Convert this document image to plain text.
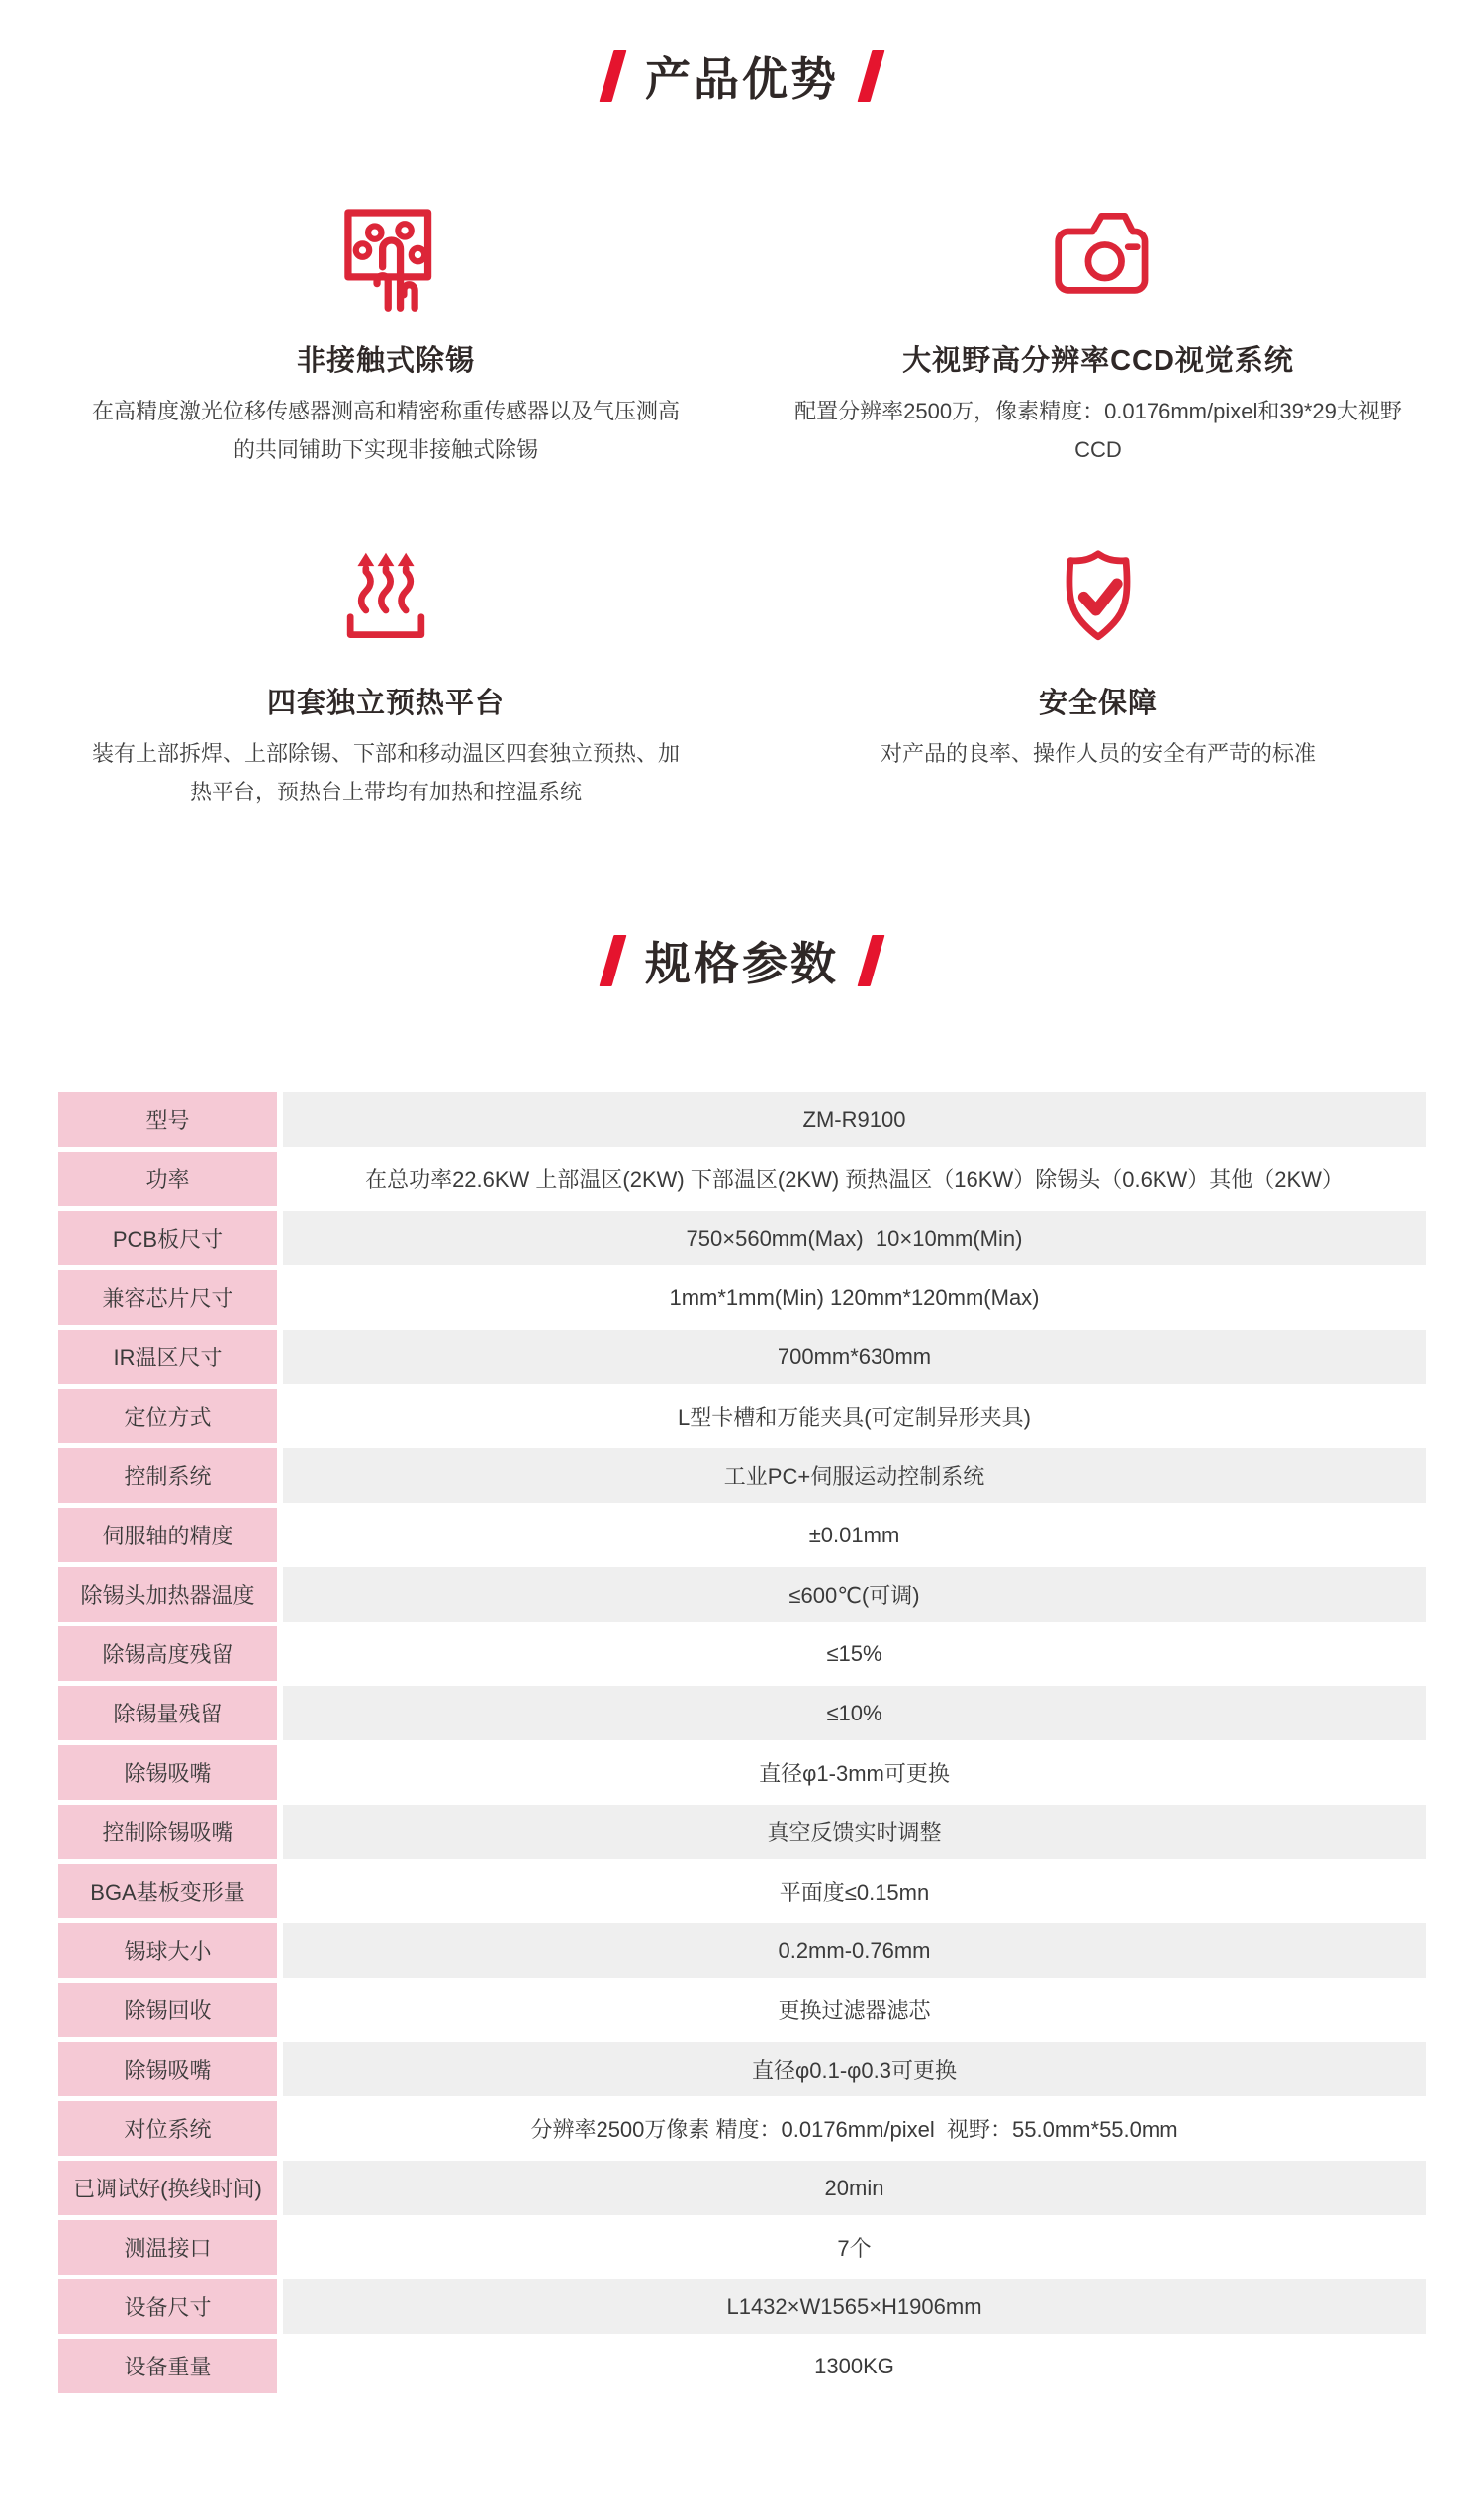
产品优势
非接触式除锡

在高精度激光位移传感器测高和精密称重传感器以及气压测高的共同铺助下实现非接触式除锡

大视野高分辨率CCD视觉系统

配置分辨率2500万，像素精度：0.0176mm/pixel和39*29大视野CCD

四套独立预热平台

装有上部拆焊、上部除锡、下部和移动温区四套独立预热、加热平台，预热台上带均有加热和控温系统

安全保障

对产品的良率、操作人员的安全有严苛的标准

规格参数
型号	ZM-R9100
功率	在总功率22.6KW 上部温区(2KW) 下部温区(2KW) 预热温区（16KW）除锡头（0.6KW）其他（2KW）
PCB板尺寸	750×560mm(Max)  10×10mm(Min)
兼容芯片尺寸	1mm*1mm(Min) 120mm*120mm(Max)
IR温区尺寸	700mm*630mm
定位方式	L型卡槽和万能夹具(可定制异形夹具)
控制系统	工业PC+伺服运动控制系统
伺服轴的精度	±0.01mm
除锡头加热器温度	≤600℃(可调)
除锡高度残留	≤15%
除锡量残留	≤10%
除锡吸嘴	直径φ1-3mm可更换
控制除锡吸嘴	真空反馈实时调整
BGA基板变形量	平面度≤0.15mn
锡球大小	0.2mm-0.76mm
除锡回收	更换过滤器滤芯
除锡吸嘴	直径φ0.1-φ0.3可更换
对位系统	分辨率2500万像素 精度：0.0176mm/pixel  视野：55.0mm*55.0mm
已调试好(换线时间)	20min
测温接口	7个
设备尺寸	L1432×W1565×H1906mm
设备重量	1300KG
